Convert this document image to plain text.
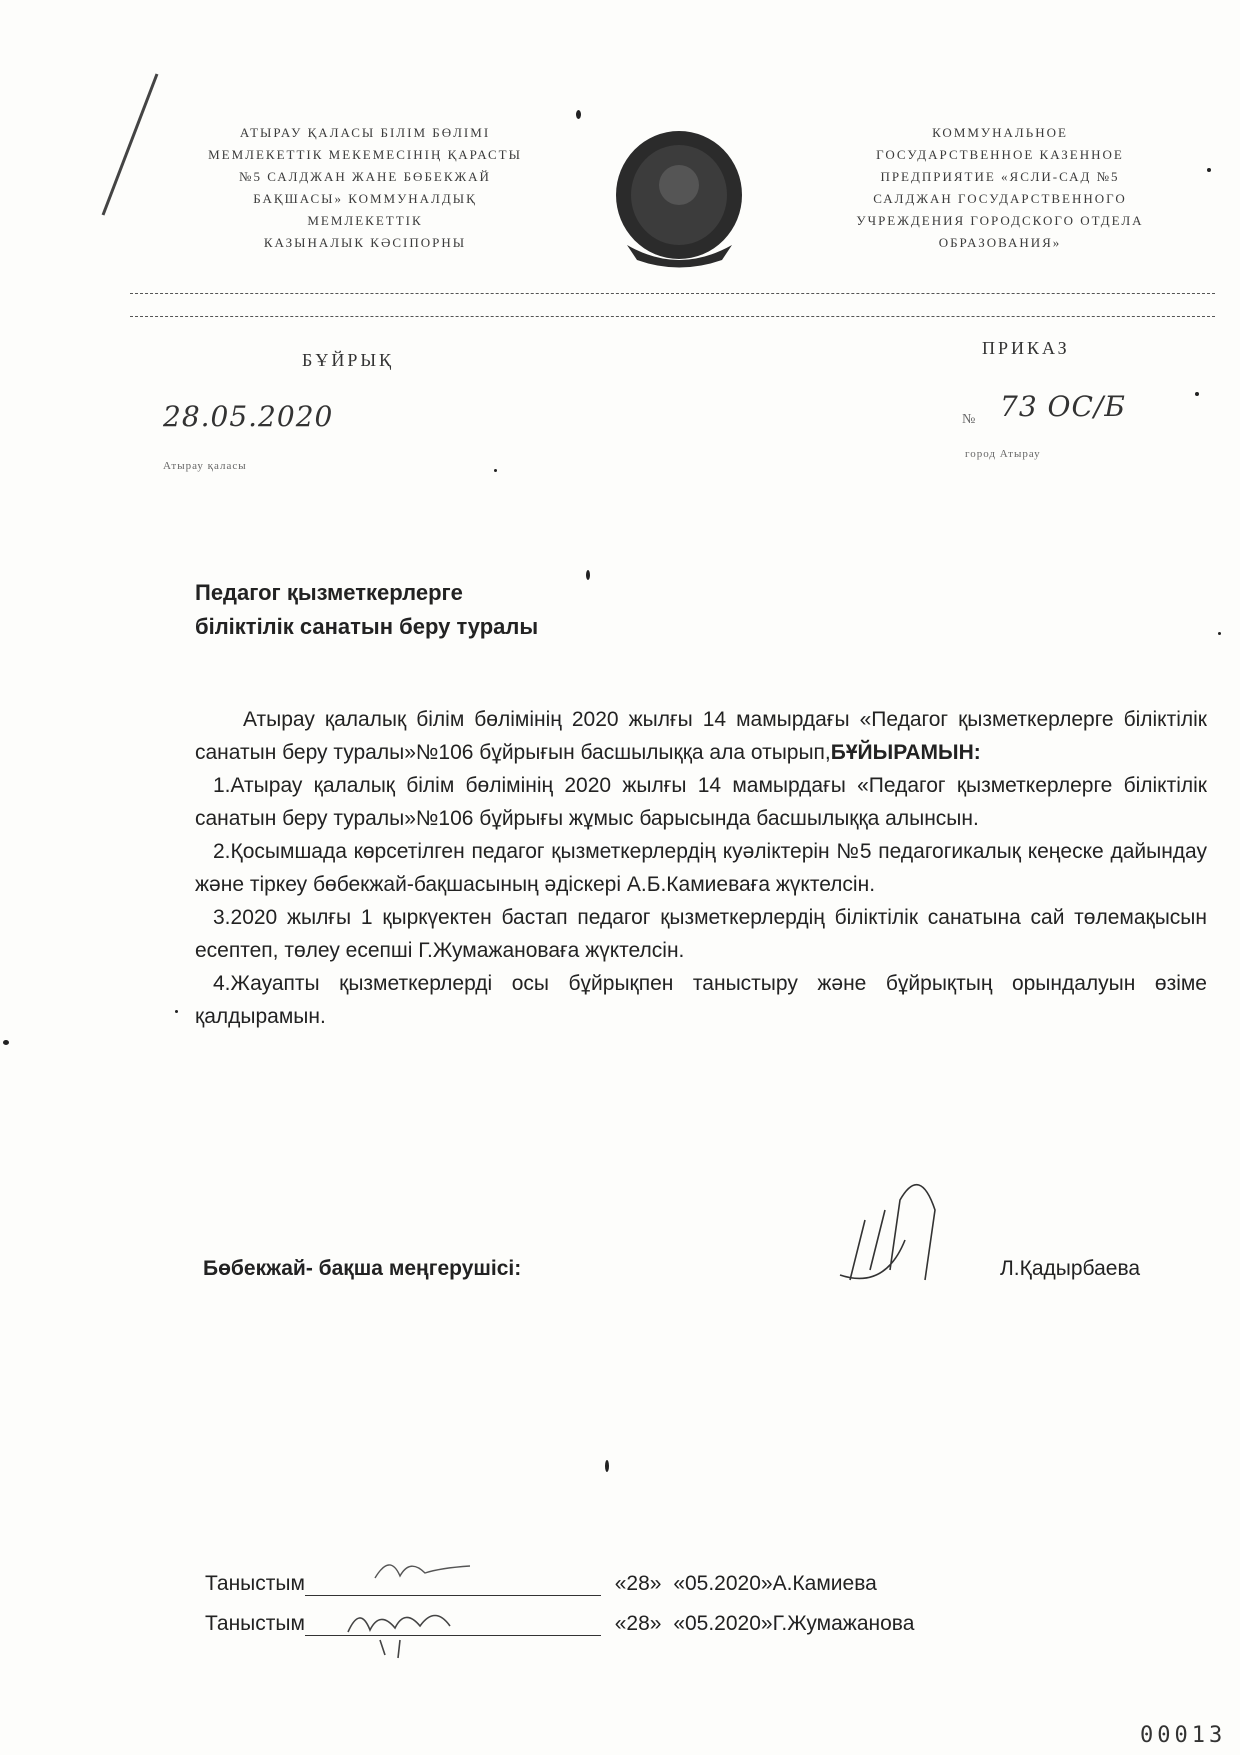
АТЫРАУ ҚАЛАСЫ БІЛІМ БӨЛІМІ
МЕМЛЕКЕТТІК МЕКЕМЕСІНІҢ ҚАРАСТЫ
№5 САЛДЖАН ЖАНЕ БӨБЕКЖАЙ
БАҚШАСЫ» КОММУНАЛДЫҚ
МЕМЛЕКЕТТІК
КАЗЫНАЛЫК КӘСІПОРНЫ
КОММУНАЛЬНОЕ
ГОСУДАРСТВЕННОЕ КАЗЕННОЕ
ПРЕДПРИЯТИЕ «ЯСЛИ-САД №5
САЛДЖАН ГОСУДАРСТВЕННОГО
УЧРЕЖДЕНИЯ ГОРОДСКОГО ОТДЕЛА
ОБРАЗОВАНИЯ»
БҰЙРЫҚ
ПРИКАЗ
28.05.2020
Атырау қаласы
№ 73 ОС/Б
город Атырау
Педагог қызметкерлерге
біліктілік санатын беру туралы

Атырау қалалық білім бөлімінің 2020 жылғы 14 мамырдағы «Педагог қызметкерлерге біліктілік санатын беру туралы»№106 бұйрығын басшылыққа ала отырып,БҰЙЫРАМЫН:

1.Атырау қалалық білім бөлімінің 2020 жылғы 14 мамырдағы «Педагог қызметкерлерге біліктілік санатын беру туралы»№106 бұйрығы жұмыс барысында басшылыққа алынсын.

2.Қосымшада көрсетілген педагог қызметкерлердің куәліктерін №5 педагогикалық кеңеске дайындау және тіркеу бөбекжай-бақшасының әдіскері А.Б.Камиеваға жүктелсін.

3.2020 жылғы 1 қыркүектен бастап педагог қызметкерлердің біліктілік санатына сай төлемақысын есептеп, төлеу есепші Г.Жумажановаға жүктелсін.

4.Жауапты қызметкерлерді осы бұйрықпен таныстыру және бұйрықтың орындалуын өзіме қалдырамын.

Бөбекжай- бақша меңгерушісі:	Л.Қадырбаева
Таныстым	«28» «05.2020»А.Камиева
Таныстым	«28» «05.2020»Г.Жумажанова
00013
